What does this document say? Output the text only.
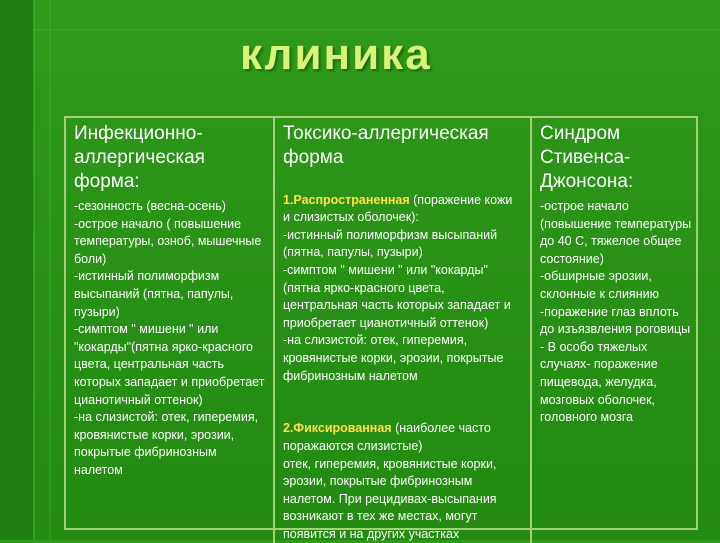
клиника
Инфекционно-
аллергическая
форма:
-сезонность (весна-осень)
-острое начало ( повышение температуры, озноб, мышечные боли)
-истинный полиморфизм высыпаний (пятна, папулы, пузыри)
-симптом " мишени " или "кокарды"(пятна ярко-красного цвета, центральная часть которых западает и приобретает цианотичный оттенок)
-на слизистой: отек, гиперемия, кровянистые корки, эрозии, покрытые фибринозным налетом
Токсико-аллергическая
форма

1.Распространенная (поражение кожи и слизистых оболочек):
-истинный полиморфизм высыпаний (пятна, папулы, пузыри)
-симптом " мишени " или "кокарды"(пятна ярко-красного цвета, центральная часть которых западает и приобретает цианотичный оттенок)
-на слизистой: отек, гиперемия, кровянистые корки, эрозии, покрытые фибринозным налетом

2.Фиксированная (наиболее часто поражаются слизистые)
отек, гиперемия, кровянистые корки, эрозии, покрытые фибринозным налетом. При рецидивах-высыпания возникают в тех же местах, могут появится и на других участках

Синдром
Стивенса-
Джонсона:
-острое начало (повышение температуры до 40 С, тяжелое общее состояние)
-обширные эрозии, склонные к слиянию
-поражение глаз вплоть до изъязвления роговицы
- В особо тяжелых случаях- поражение пищевода, желудка, мозговых оболочек, головного мозга
